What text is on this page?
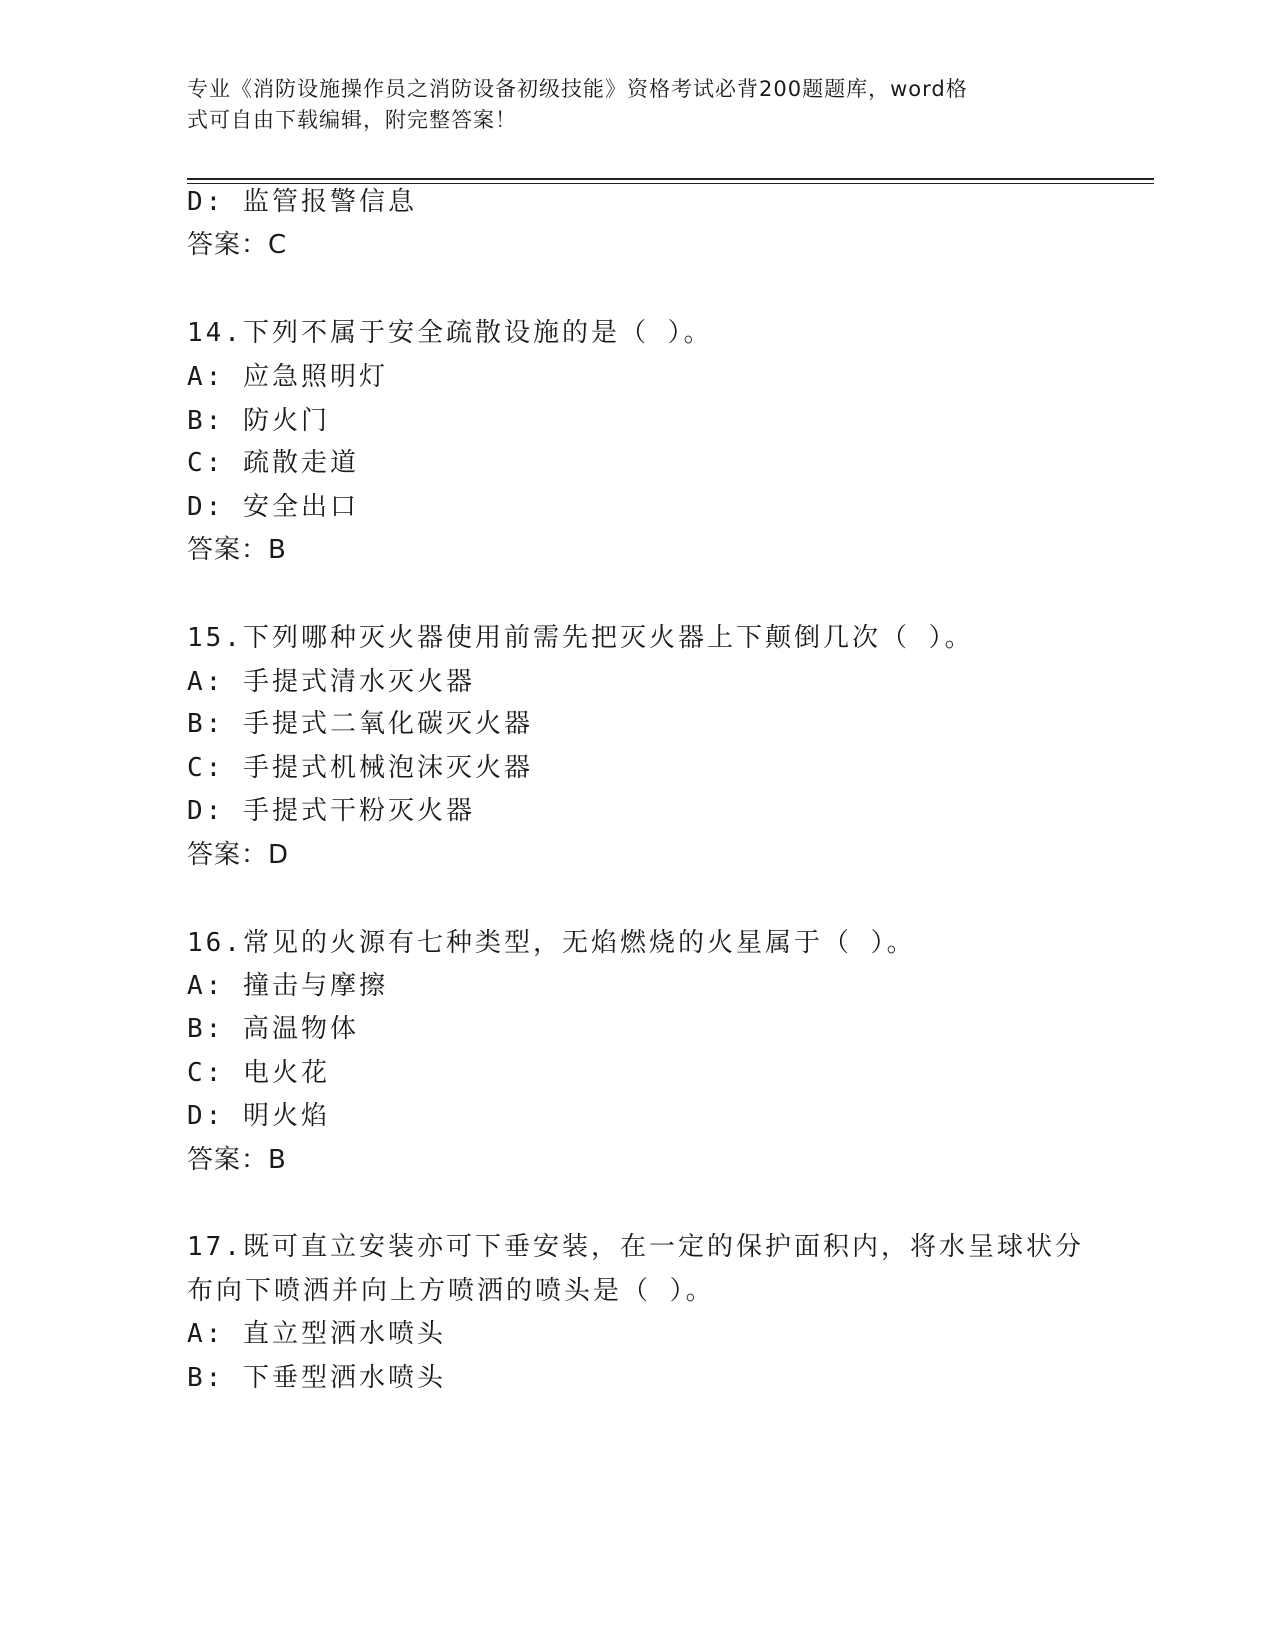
专业《消防设施操作员之消防设备初级技能》资格考试必背200题题库，word格
式可自由下载编辑，附完整答案！
D: 监管报警信息
答案：C
14.下列不属于安全疏散设施的是（ ）。
A: 应急照明灯
B: 防火门
C: 疏散走道
D: 安全出口
答案：B
15.下列哪种灭火器使用前需先把灭火器上下颠倒几次（ ）。
A: 手提式清水灭火器
B: 手提式二氧化碳灭火器
C: 手提式机械泡沫灭火器
D: 手提式干粉灭火器
答案：D
16.常见的火源有七种类型，无焰燃烧的火星属于（ ）。
A: 撞击与摩擦
B: 高温物体
C: 电火花
D: 明火焰
答案：B
17.既可直立安装亦可下垂安装，在一定的保护面积内，将水呈球状分
布向下喷洒并向上方喷洒的喷头是（ ）。
A: 直立型洒水喷头
B: 下垂型洒水喷头
